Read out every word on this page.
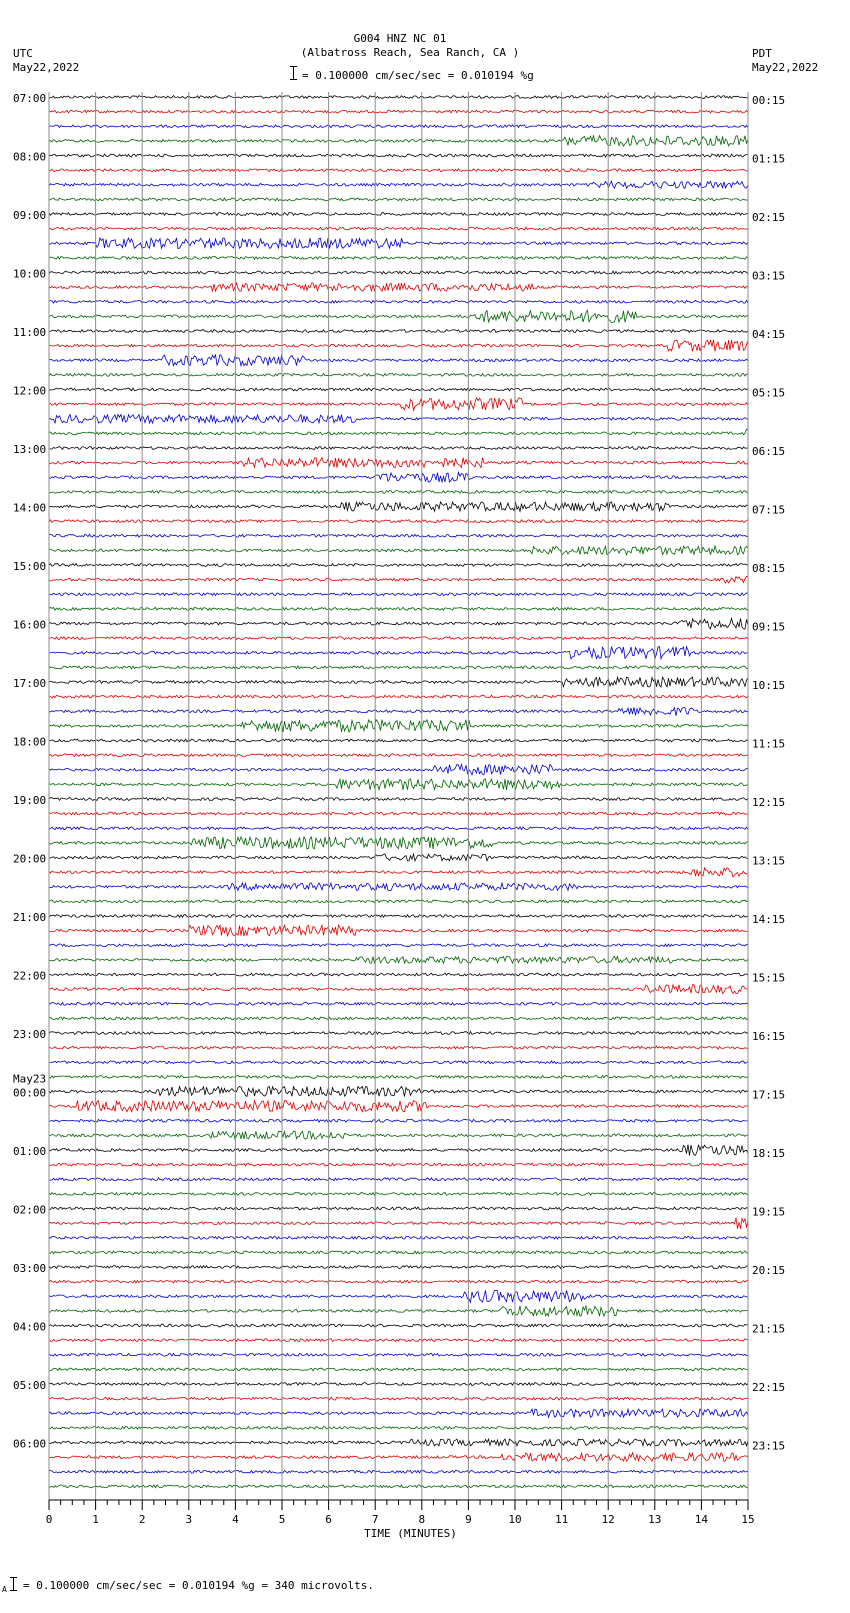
G004 HNZ NC 01
(Albatross Reach, Sea Ranch, CA )
UTC
May22,2022
PDT
May22,2022
= 0.100000 cm/sec/sec = 0.010194 %g
07:00
08:00
09:00
10:00
11:00
12:00
13:00
14:00
15:00
16:00
17:00
18:00
19:00
20:00
21:00
22:00
23:00
00:00
01:00
02:00
03:00
04:00
05:00
06:00
00:15
01:15
02:15
03:15
04:15
05:15
06:15
07:15
08:15
09:15
10:15
11:15
12:15
13:15
14:15
15:15
16:15
17:15
18:15
19:15
20:15
21:15
22:15
23:15
May23
0	1	2	3	4	5	6	7	8	9	10	11	12	13	14	15
TIME (MINUTES)
A = 0.100000 cm/sec/sec = 0.010194 %g = 340 microvolts.
